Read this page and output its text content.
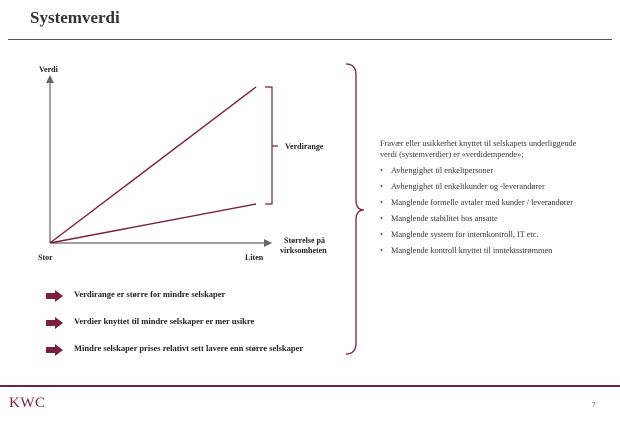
Systemverdi
Verdi
Størrelse på
virksomheten
Stor	Liten
Verdirange
Verdirange er større for mindre selskaper
Verdier knyttet til mindre selskaper er mer usikre
Mindre selskaper prises relativt sett lavere enn større selskaper
Fravær eller usikkerhet knyttet til selskapets underliggende verdi (systemverdier) er «verdidempende»;
• Avhengighet til enkeltpersoner
• Avhengighet til enkeltkunder og -leverandører
• Manglende formelle avtaler med kunder / leverandører
• Manglende stabilitet hos ansatte
• Manglende system for internkontroll, IT etc.
• Manglende kontroll knyttet til inntektsstrømmen
KWC	7
